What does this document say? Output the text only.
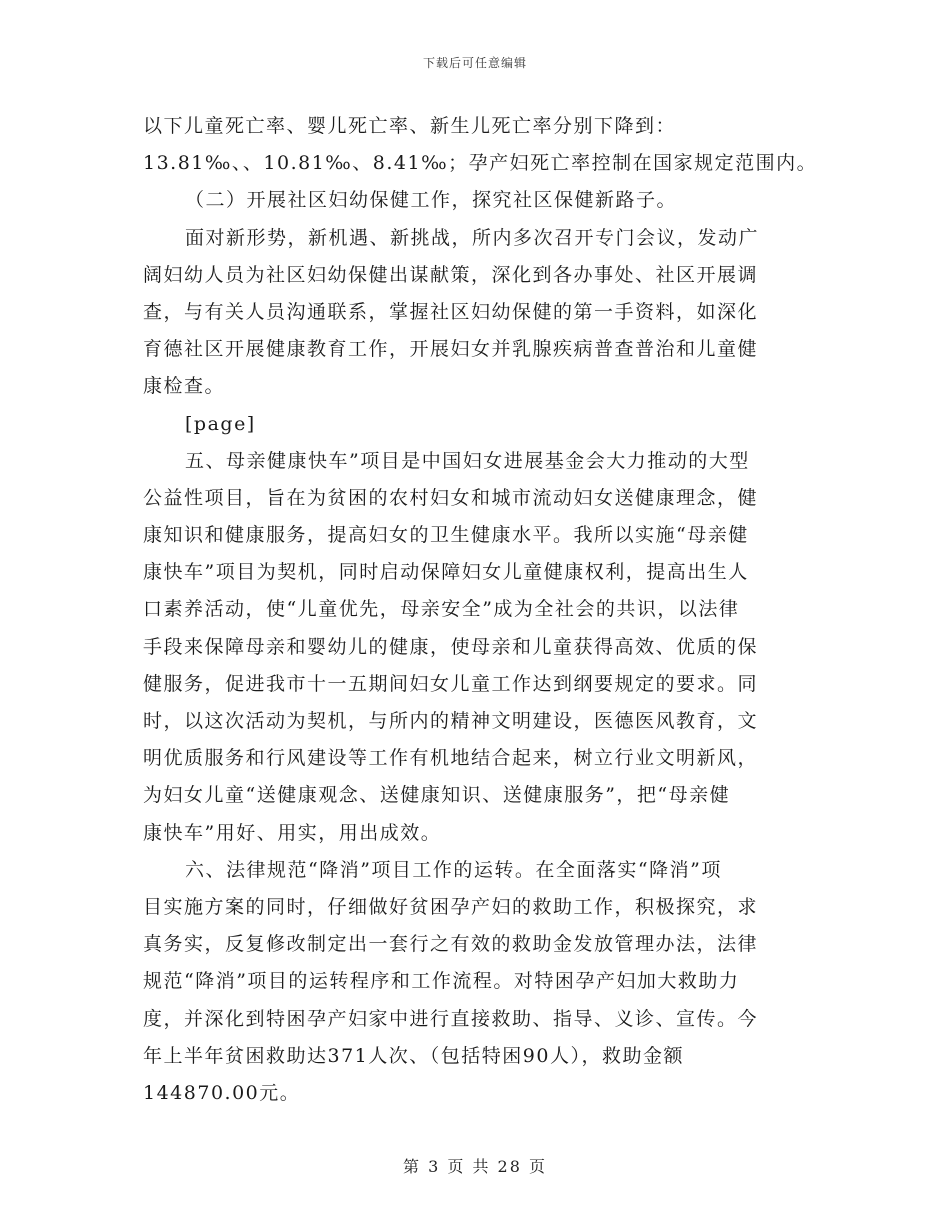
下载后可任意编辑
以下儿童死亡率、婴儿死亡率、新生儿死亡率分别下降到：
13.81‰、、10.81‰、8.41‰；孕产妇死亡率控制在国家规定范围内。
（二）开展社区妇幼保健工作，探究社区保健新路子。
面对新形势，新机遇、新挑战，所内多次召开专门会议，发动广
阔妇幼人员为社区妇幼保健出谋献策，深化到各办事处、社区开展调
查，与有关人员沟通联系，掌握社区妇幼保健的第一手资料，如深化
育德社区开展健康教育工作，开展妇女并乳腺疾病普查普治和儿童健
康检查。
[page]
五、母亲健康快车”项目是中国妇女进展基金会大力推动的大型
公益性项目，旨在为贫困的农村妇女和城市流动妇女送健康理念，健
康知识和健康服务，提高妇女的卫生健康水平。我所以实施“母亲健
康快车”项目为契机，同时启动保障妇女儿童健康权利，提高出生人
口素养活动，使“儿童优先，母亲安全”成为全社会的共识，以法律
手段来保障母亲和婴幼儿的健康，使母亲和儿童获得高效、优质的保
健服务，促进我市十一五期间妇女儿童工作达到纲要规定的要求。同
时，以这次活动为契机，与所内的精神文明建设，医德医风教育，文
明优质服务和行风建设等工作有机地结合起来，树立行业文明新风，
为妇女儿童“送健康观念、送健康知识、送健康服务”，把“母亲健
康快车”用好、用实，用出成效。
六、法律规范“降消”项目工作的运转。在全面落实“降消”项
目实施方案的同时，仔细做好贫困孕产妇的救助工作，积极探究，求
真务实，反复修改制定出一套行之有效的救助金发放管理办法，法律
规范“降消”项目的运转程序和工作流程。对特困孕产妇加大救助力
度，并深化到特困孕产妇家中进行直接救助、指导、义诊、宣传。今
年上半年贫困救助达371人次、（包括特困90人），救助金额
144870.00元。
第 3 页 共 28 页
